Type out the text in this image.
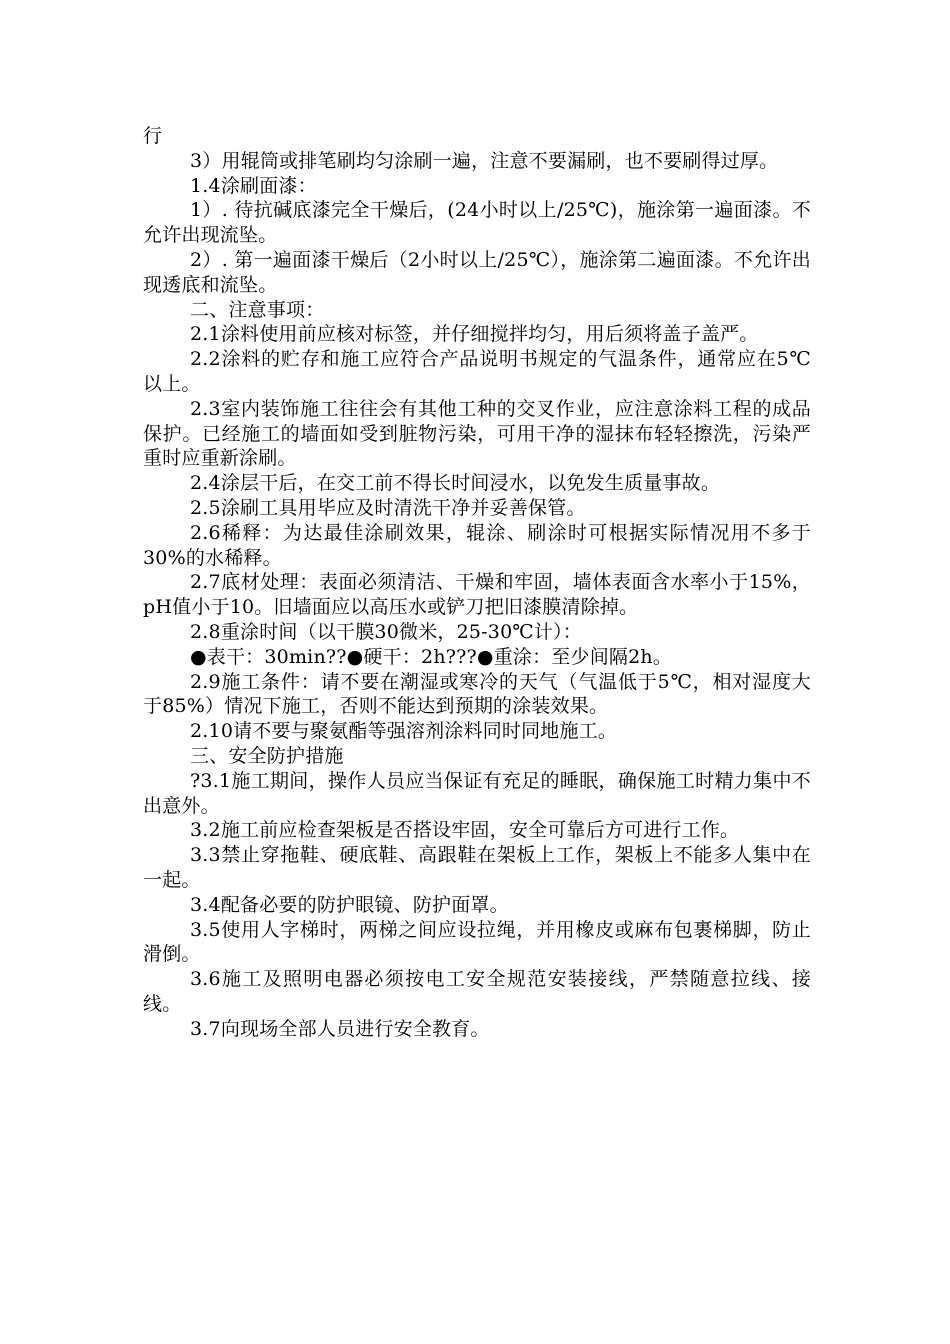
行

3）用辊筒或排笔刷均匀涂刷一遍，注意不要漏刷，也不要刷得过厚。

1.4涂刷面漆：

1）. 待抗碱底漆完全干燥后，(24小时以上/25℃)，施涂第一遍面漆。不允许出现流坠。

2）. 第一遍面漆干燥后（2小时以上/25℃），施涂第二遍面漆。不允许出现透底和流坠。

二、注意事项：

2.1涂料使用前应核对标签，并仔细搅拌均匀，用后须将盖子盖严。

2.2涂料的贮存和施工应符合产品说明书规定的气温条件，通常应在5℃以上。

2.3室内装饰施工往往会有其他工种的交叉作业，应注意涂料工程的成品保护。已经施工的墙面如受到脏物污染，可用干净的湿抹布轻轻擦洗，污染严重时应重新涂刷。

2.4涂层干后，在交工前不得长时间浸水，以免发生质量事故。

2.5涂刷工具用毕应及时清洗干净并妥善保管。

2.6稀释：为达最佳涂刷效果，辊涂、刷涂时可根据实际情况用不多于30%的水稀释。

2.7底材处理：表面必须清洁、干燥和牢固，墙体表面含水率小于15%，pH值小于10。旧墙面应以高压水或铲刀把旧漆膜清除掉。

2.8重涂时间（以干膜30微米，25-30℃计）：

●表干：30min??●硬干：2h???●重涂：至少间隔2h。

2.9施工条件：请不要在潮湿或寒冷的天气（气温低于5℃，相对湿度大于85%）情况下施工，否则不能达到预期的涂装效果。

2.10请不要与聚氨酯等强溶剂涂料同时同地施工。

三、安全防护措施

?3.1施工期间，操作人员应当保证有充足的睡眠，确保施工时精力集中不出意外。

3.2施工前应检查架板是否搭设牢固，安全可靠后方可进行工作。

3.3禁止穿拖鞋、硬底鞋、高跟鞋在架板上工作，架板上不能多人集中在一起。

3.4配备必要的防护眼镜、防护面罩。

3.5使用人字梯时，两梯之间应设拉绳，并用橡皮或麻布包裹梯脚，防止滑倒。

3.6施工及照明电器必须按电工安全规范安装接线，严禁随意拉线、接线。

3.7向现场全部人员进行安全教育。
